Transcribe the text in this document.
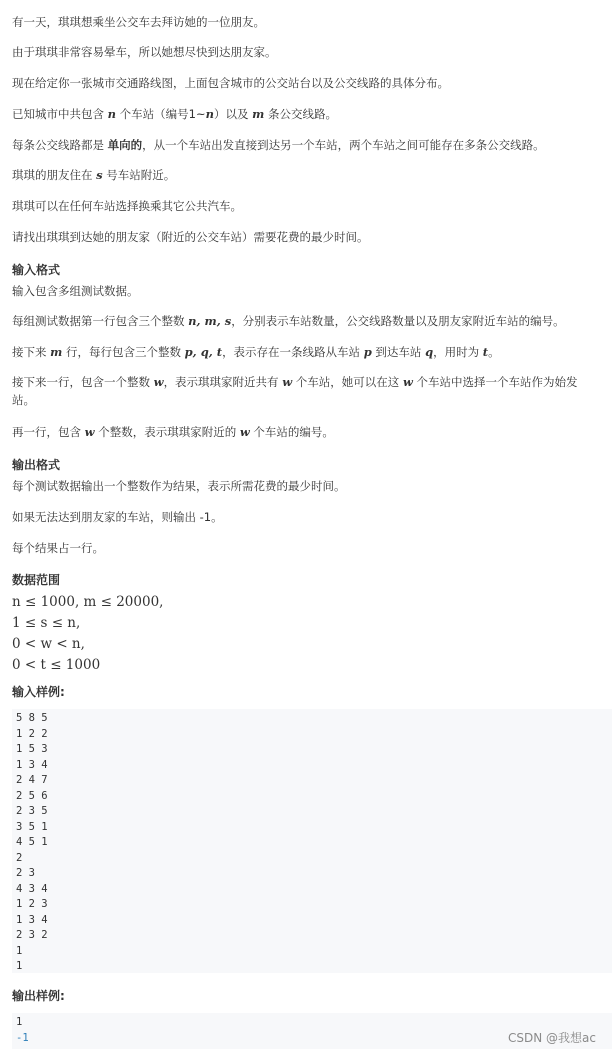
有一天，琪琪想乘坐公交车去拜访她的一位朋友。

由于琪琪非常容易晕车，所以她想尽快到达朋友家。

现在给定你一张城市交通路线图，上面包含城市的公交站台以及公交线路的具体分布。

已知城市中共包含 n 个车站（编号1~n）以及 m 条公交线路。

每条公交线路都是 单向的，从一个车站出发直接到达另一个车站，两个车站之间可能存在多条公交线路。

琪琪的朋友住在 s 号车站附近。

琪琪可以在任何车站选择换乘其它公共汽车。

请找出琪琪到达她的朋友家（附近的公交车站）需要花费的最少时间。

输入格式

输入包含多组测试数据。

每组测试数据第一行包含三个整数 n, m, s，分别表示车站数量，公交线路数量以及朋友家附近车站的编号。

接下来 m 行，每行包含三个整数 p, q, t，表示存在一条线路从车站 p 到达车站 q，用时为 t。

接下来一行，包含一个整数 w，表示琪琪家附近共有 w 个车站，她可以在这 w 个车站中选择一个车站作为始发

站。

再一行，包含 w 个整数，表示琪琪家附近的 w 个车站的编号。

输出格式

每个测试数据输出一个整数作为结果，表示所需花费的最少时间。

如果无法达到朋友家的车站，则输出 -1。

每个结果占一行。

数据范围
n ≤ 1000, m ≤ 20000,
1 ≤ s ≤ n,
0 < w < n,
0 < t ≤ 1000
输入样例:
5 8 5
1 2 2
1 5 3
1 3 4
2 4 7
2 5 6
2 3 5
3 5 1
4 5 1
2
2 3
4 3 4
1 2 3
1 3 4
2 3 2
1
1
输出样例:
1
-1	CSDN @我想ac
